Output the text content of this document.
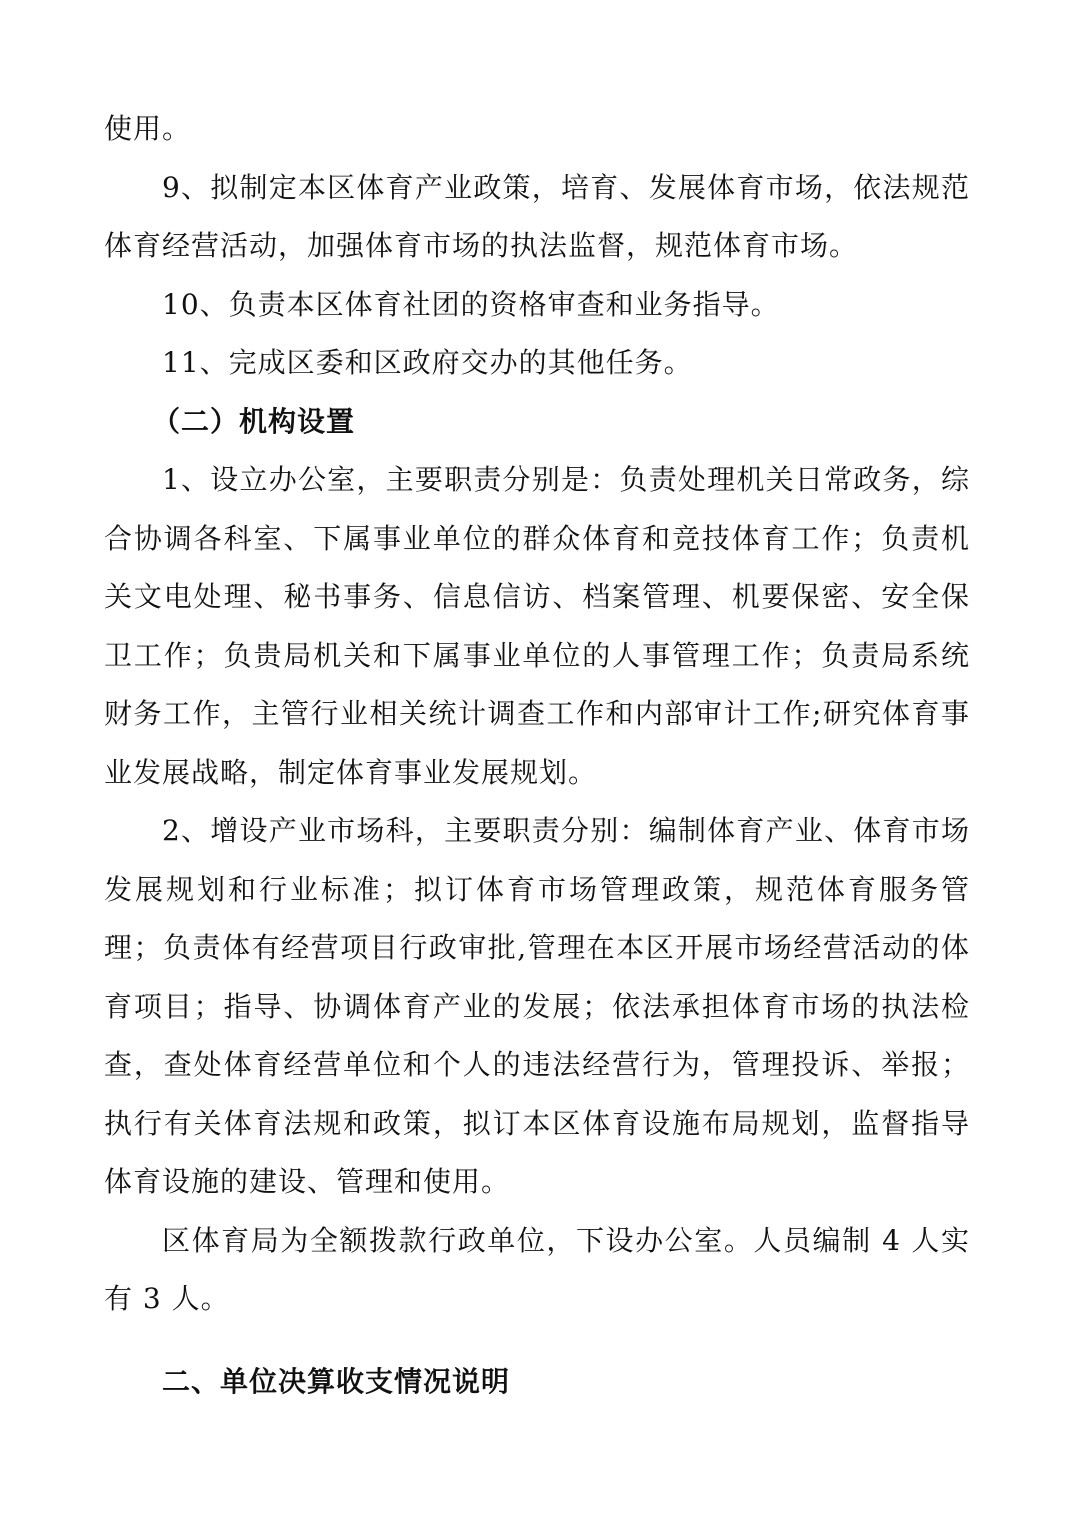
使用。

9、拟制定本区体育产业政策，培育、发展体育市场，依法规范体育经营活动，加强体育市场的执法监督，规范体育市场。

10、负责本区体育社团的资格审查和业务指导。

11、完成区委和区政府交办的其他任务。

（二）机构设置

1、设立办公室，主要职责分别是：负责处理机关日常政务，综合协调各科室、下属事业单位的群众体育和竞技体育工作；负责机关文电处理、秘书事务、信息信访、档案管理、机要保密、安全保卫工作；负贵局机关和下属事业单位的人事管理工作；负责局系统财务工作，主管行业相关统计调查工作和内部审计工作;研究体育事业发展战略，制定体育事业发展规划。

2、增设产业市场科，主要职责分别：编制体育产业、体育市场发展规划和行业标准；拟订体育市场管理政策，规范体育服务管理；负责体有经营项目行政审批,管理在本区开展市场经营活动的体育项目；指导、协调体育产业的发展；依法承担体育市场的执法检查，查处体育经营单位和个人的违法经营行为，管理投诉、举报；执行有关体育法规和政策，拟订本区体育设施布局规划，监督指导体育设施的建设、管理和使用。

区体育局为全额拨款行政单位，下设办公室。人员编制 4 人实有 3 人。

二、单位决算收支情况说明
